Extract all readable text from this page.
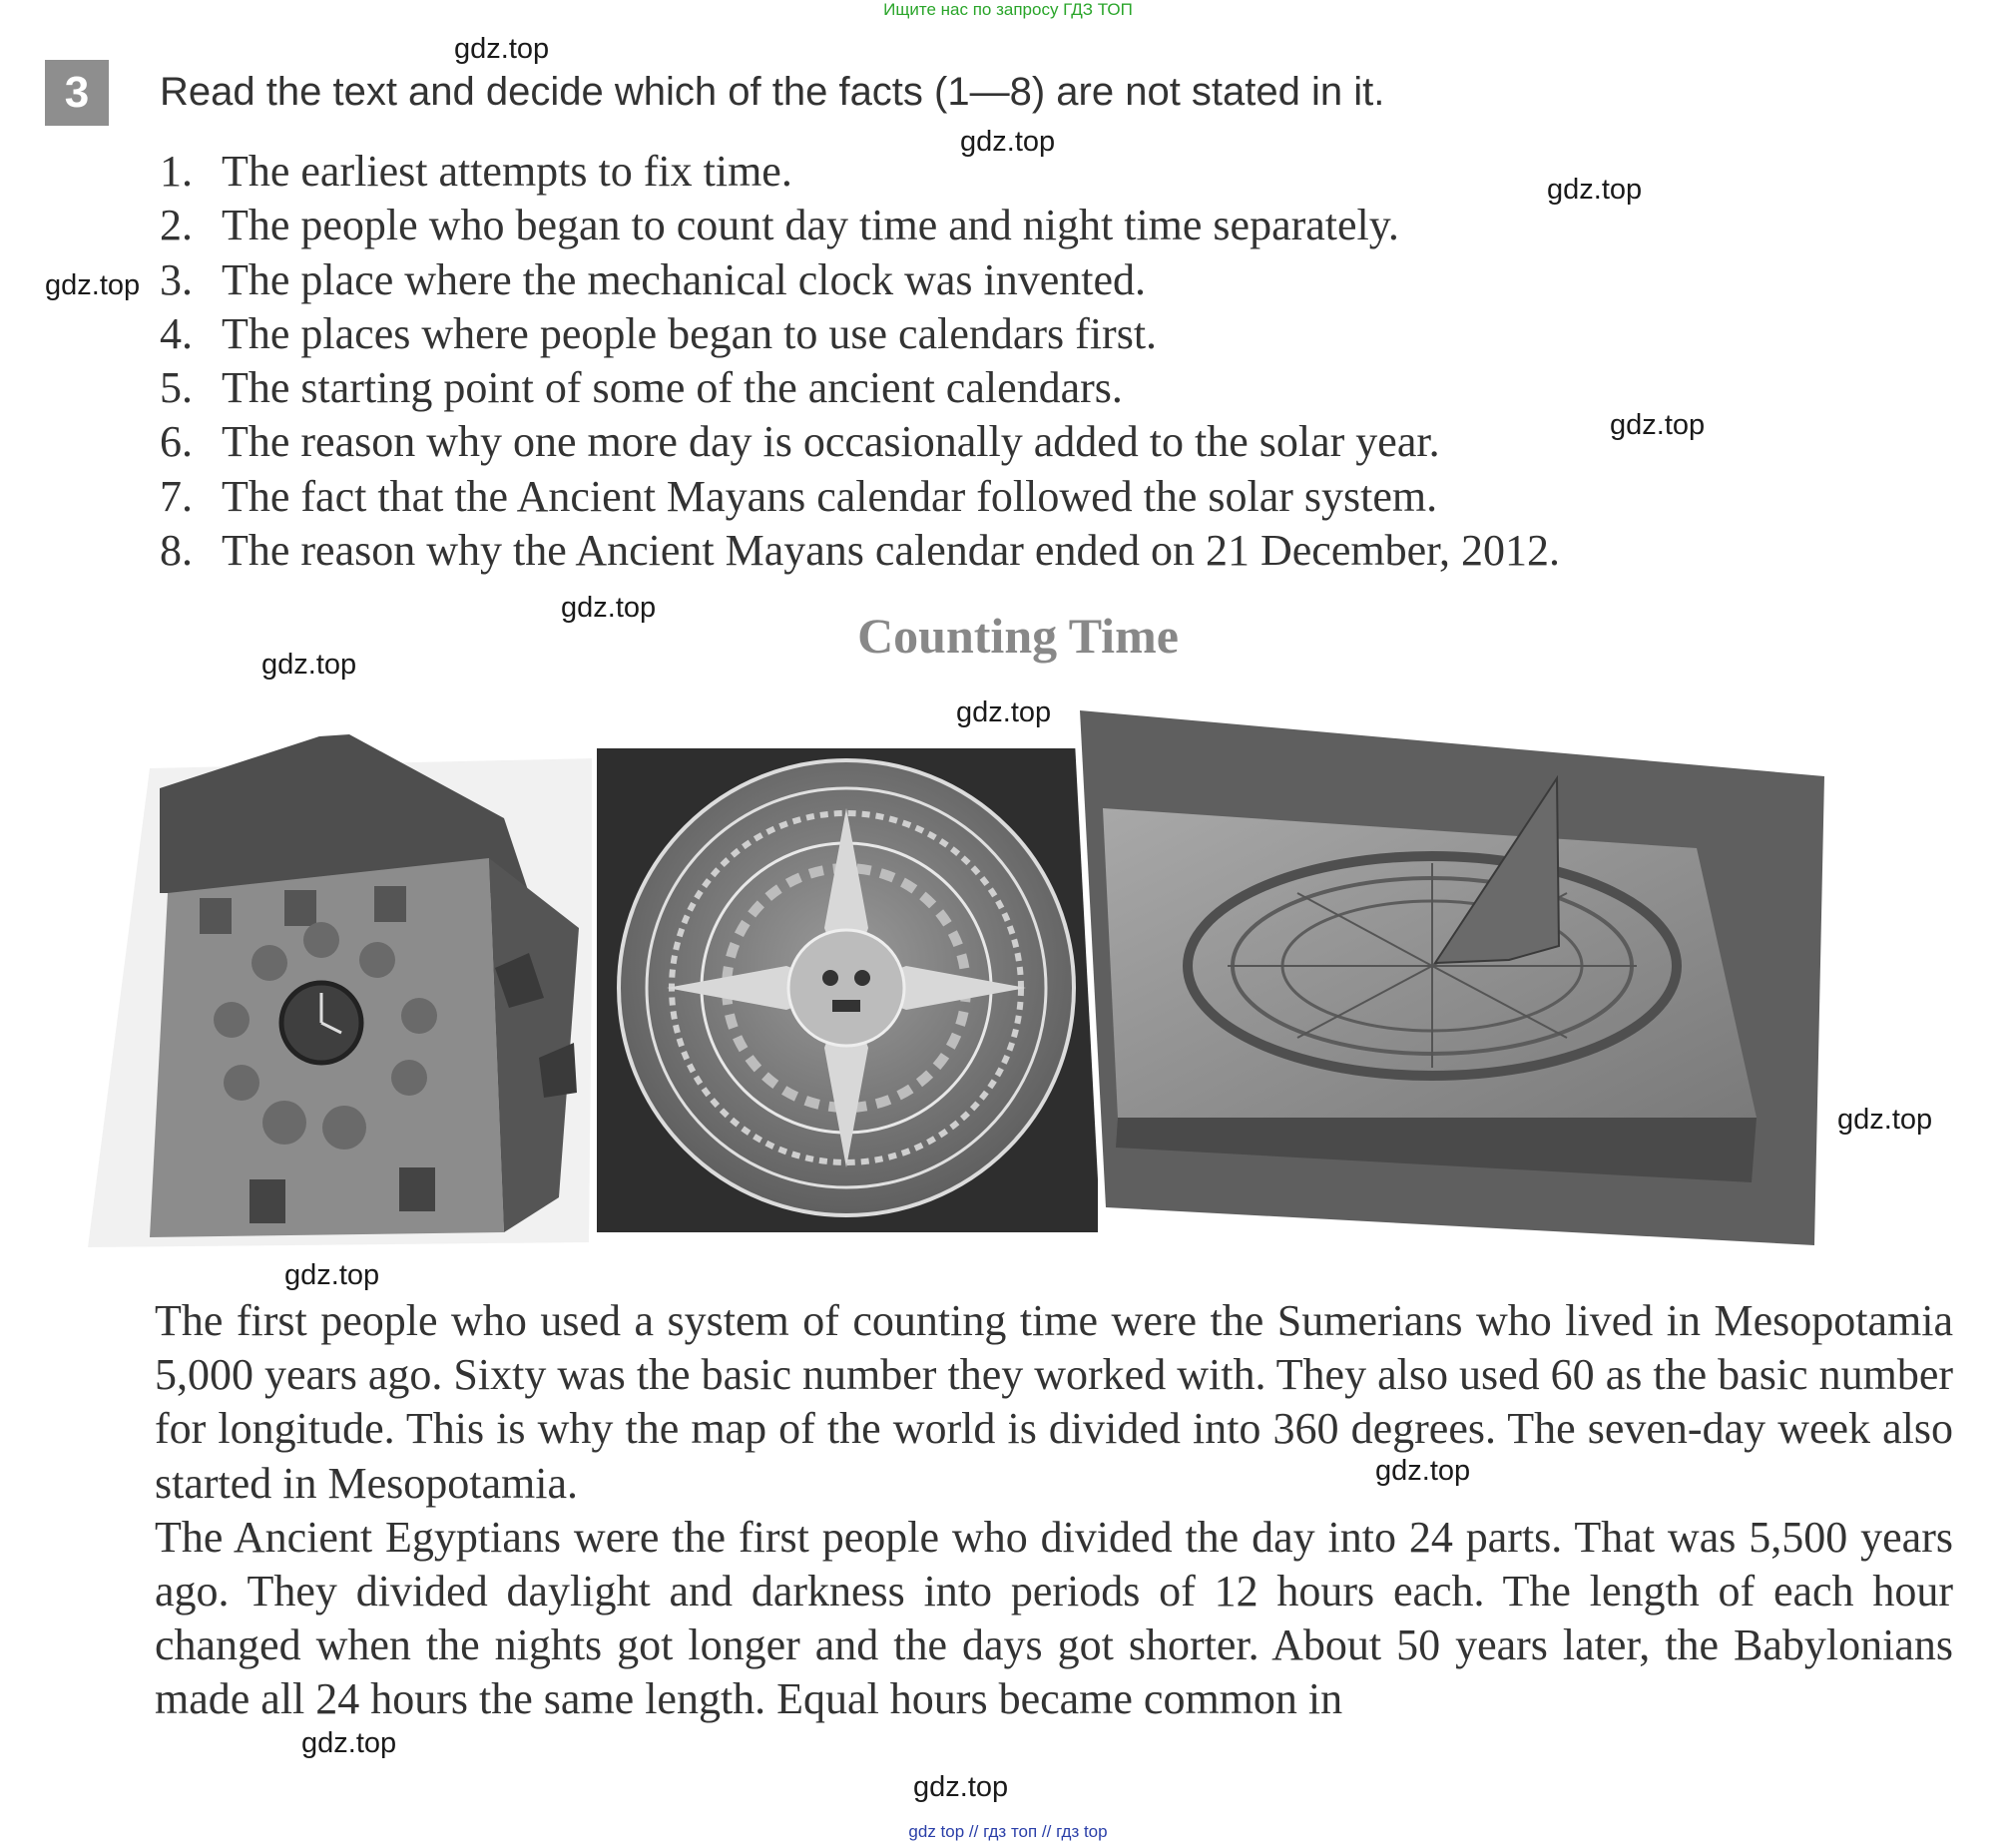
Ищите нас по запросу ГДЗ ТОП
gdz.top
gdz.top
gdz.top
gdz.top
gdz.top
gdz.top
gdz.top
gdz.top
gdz.top
gdz.top
gdz.top
gdz.top
gdz.top
3	Read the text and decide which of the facts (1—8) are not stated in it.
1. The earliest attempts to fix time.
2. The people who began to count day time and night time separately.
3. The place where the mechanical clock was invented.
4. The places where people began to use calendars first.
5. The starting point of some of the ancient calendars.
6. The reason why one more day is occasionally added to the solar year.
7. The fact that the Ancient Mayans calendar followed the solar system.
8. The reason why the Ancient Mayans calendar ended on 21 December, 2012.
Counting Time

The first people who used a system of counting time were the Sumerians who lived in Mesopotamia 5,000 years ago. Sixty was the basic number they worked with. They also used 60 as the basic number for longitude. This is why the map of the world is divided into 360 degrees. The seven-day week also started in Mesopotamia.

The Ancient Egyptians were the first people who divided the day into 24 parts. That was 5,500 years ago. They divided daylight and darkness into periods of 12 hours each. The length of each hour changed when the nights got longer and the days got shorter. About 50 years later, the Babylonians made all 24 hours the same length. Equal hours became common in

gdz top // гдз топ // гдз top
